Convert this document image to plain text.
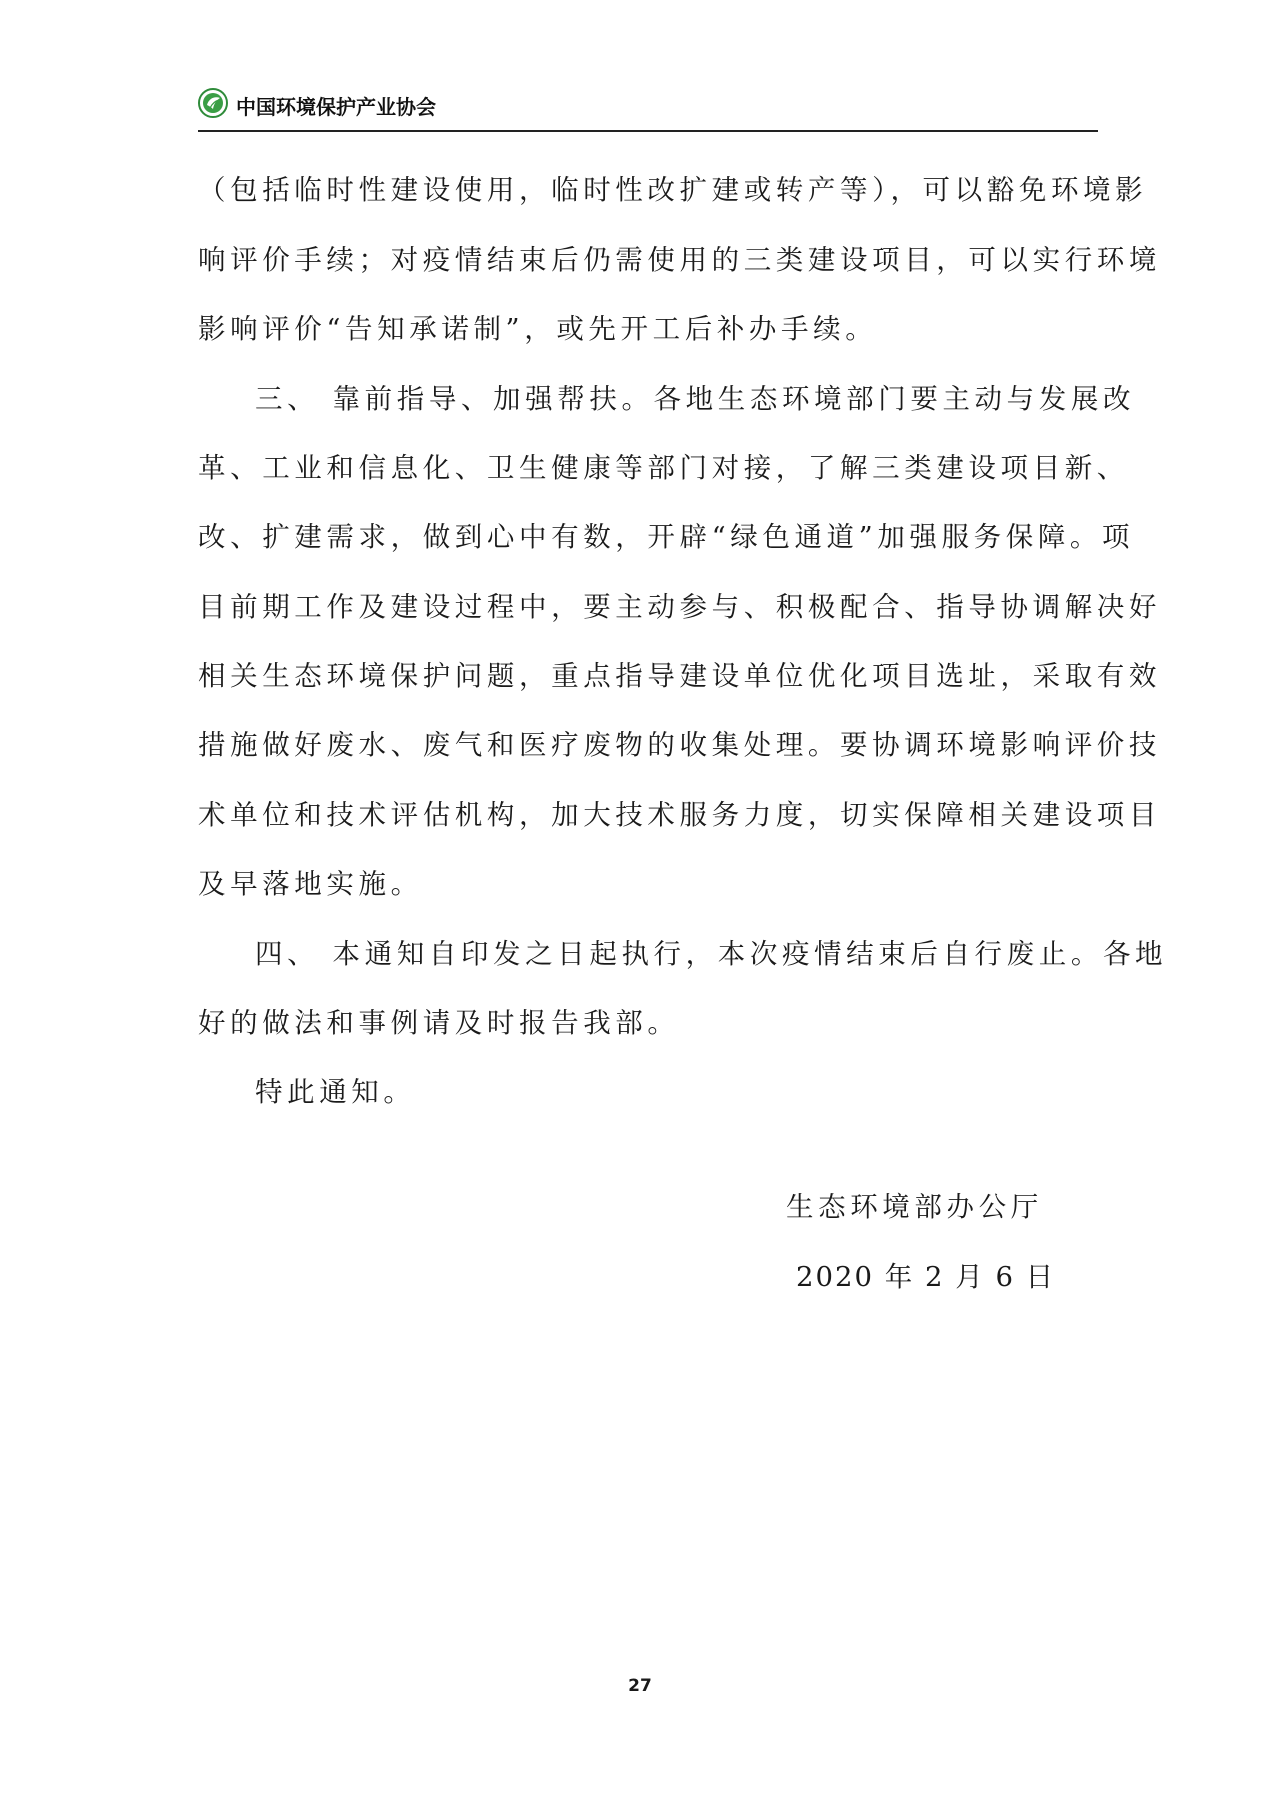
中国环境保护产业协会
（包括临时性建设使用，临时性改扩建或转产等），可以豁免环境影
响评价手续；对疫情结束后仍需使用的三类建设项目，可以实行环境
影响评价“告知承诺制”，或先开工后补办手续。
三、 靠前指导、加强帮扶。各地生态环境部门要主动与发展改
革、工业和信息化、卫生健康等部门对接，了解三类建设项目新、
改、扩建需求，做到心中有数，开辟“绿色通道”加强服务保障。项
目前期工作及建设过程中，要主动参与、积极配合、指导协调解决好
相关生态环境保护问题，重点指导建设单位优化项目选址，采取有效
措施做好废水、废气和医疗废物的收集处理。要协调环境影响评价技
术单位和技术评估机构，加大技术服务力度，切实保障相关建设项目
及早落地实施。
四、 本通知自印发之日起执行，本次疫情结束后自行废止。各地
好的做法和事例请及时报告我部。
特此通知。
生态环境部办公厅
2020 年 2 月 6 日
27
